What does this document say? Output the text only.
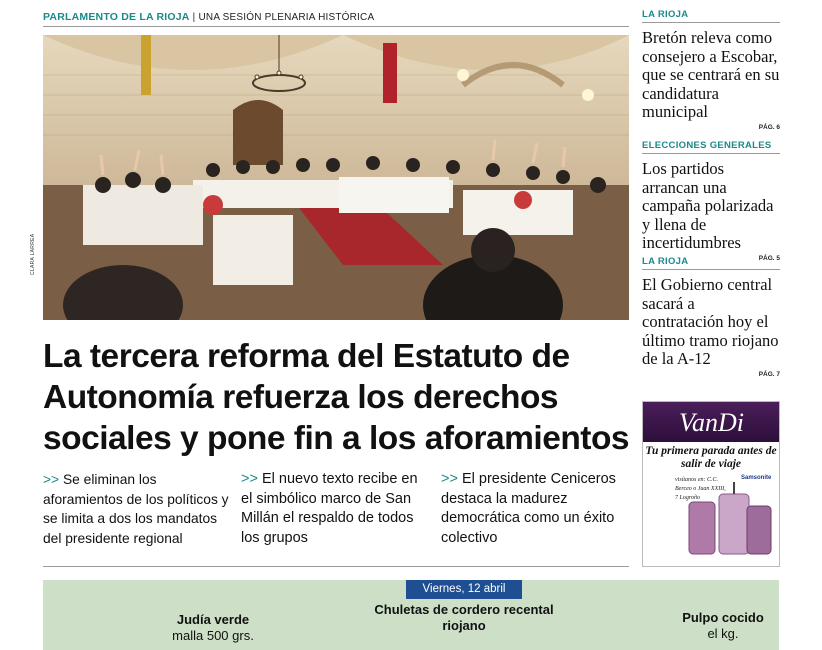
PARLAMENTO DE LA RIOJA | UNA SESIÓN PLENARIA HISTÓRICA
CLARA LARREA
La tercera reforma del Estatuto de Autonomía refuerza los derechos sociales y pone fin a los aforamientos
>> Se eliminan los aforamientos de los políticos y se limita a dos los mandatos del presidente regional
>> El nuevo texto recibe en el simbólico marco de San Millán el respaldo de todos los grupos
>> El presidente Ceniceros destaca la madurez democrática como un éxito colectivo
LA RIOJA
Bretón releva como consejero a Escobar, que se centrará en su candidatura municipal
PÁG. 6
ELECCIONES GENERALES
Los partidos arrancan una campaña polarizada y llena de incertidumbres
PÁG. 5
LA RIOJA
El Gobierno central sacará a contratación hoy el último tramo riojano de la A-12
PÁG. 7
VanDi
Tu primera parada antes de salir de viaje
visítanos en: C.C. Berceo o Juan XXIII, 7 Logroño
Samsonite
Viernes, 12 abril
Judía verde
malla 500 grs.
Chuletas de cordero recental riojano
Pulpo cocido
el kg.
